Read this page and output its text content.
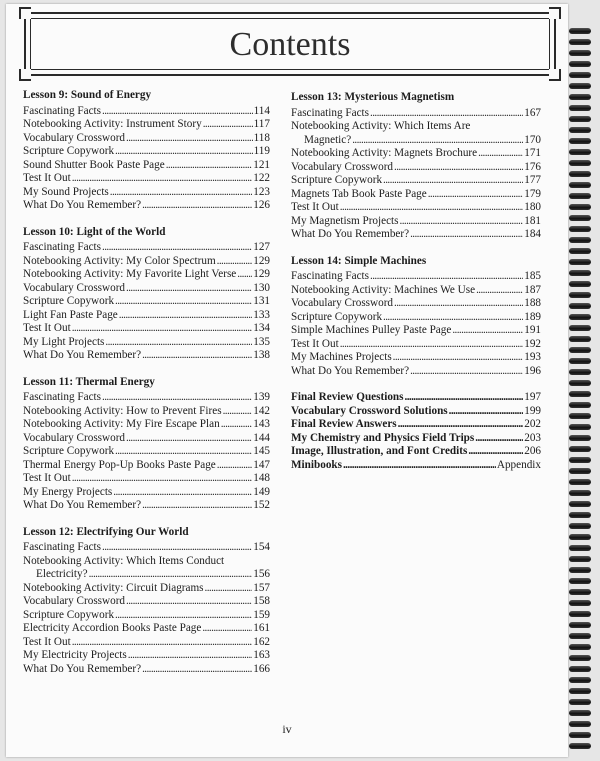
Contents
Lesson 9: Sound of Energy
Fascinating Facts . . .	114
Notebooking Activity: Instrument Story . . .	117
Vocabulary Crossword . . .	118
Scripture Copywork . . .	119
Sound Shutter Book Paste Page . . .	121
Test It Out . . .	122
My Sound Projects . . .	123
What Do You Remember? . . .	126
Lesson 10: Light of the World
Fascinating Facts . . .	127
Notebooking Activity: My Color Spectrum . . .	129
Notebooking Activity: My Favorite Light Verse . . . 129
Vocabulary Crossword . . .	130
Scripture Copywork . . .	131
Light Fan Paste Page . . .	133
Test It Out . . .	134
My Light Projects . . .	135
What Do You Remember? . . .	138
Lesson 11: Thermal Energy
Fascinating Facts . . .	139
Notebooking Activity: How to Prevent Fires . . .	142
Notebooking Activity: My Fire Escape Plan . . .	143
Vocabulary Crossword . . .	144
Scripture Copywork . . .	145
Thermal Energy Pop-Up Books Paste Page . . .	147
Test It Out . . .	148
My Energy Projects . . .	149
What Do You Remember? . . .	152
Lesson 12: Electrifying Our World
Fascinating Facts . . .	154
Notebooking Activity: Which Items Conduct
Electricity? . . .	156
Notebooking Activity: Circuit Diagrams . . .	157
Vocabulary Crossword . . .	158
Scripture Copywork . . .	159
Electricity Accordion Books Paste Page . . .	161
Test It Out . . .	162
My Electricity Projects . . .	163
What Do You Remember? . . .	166
Lesson 13: Mysterious Magnetism
Fascinating Facts . . .	167
Notebooking Activity: Which Items Are
Magnetic? . . .	170
Notebooking Activity: Magnets Brochure . . .	171
Vocabulary Crossword . . .	176
Scripture Copywork . . .	177
Magnets Tab Book Paste Page . . .	179
Test It Out . . .	180
My Magnetism Projects . . .	181
What Do You Remember? . . .	184
Lesson 14: Simple Machines
Fascinating Facts . . .	185
Notebooking Activity: Machines We Use . . .	187
Vocabulary Crossword . . .	188
Scripture Copywork . . .	189
Simple Machines Pulley Paste Page . . .	191
Test It Out . . .	192
My Machines Projects . . .	193
What Do You Remember? . . .	196
Final Review Questions . . .	197
Vocabulary Crossword Solutions . . .	199
Final Review Answers . . .	202
My Chemistry and Physics Field Trips . . .	203
Image, Illustration, and Font Credits . . .	206
Minibooks . . .	Appendix
iv
